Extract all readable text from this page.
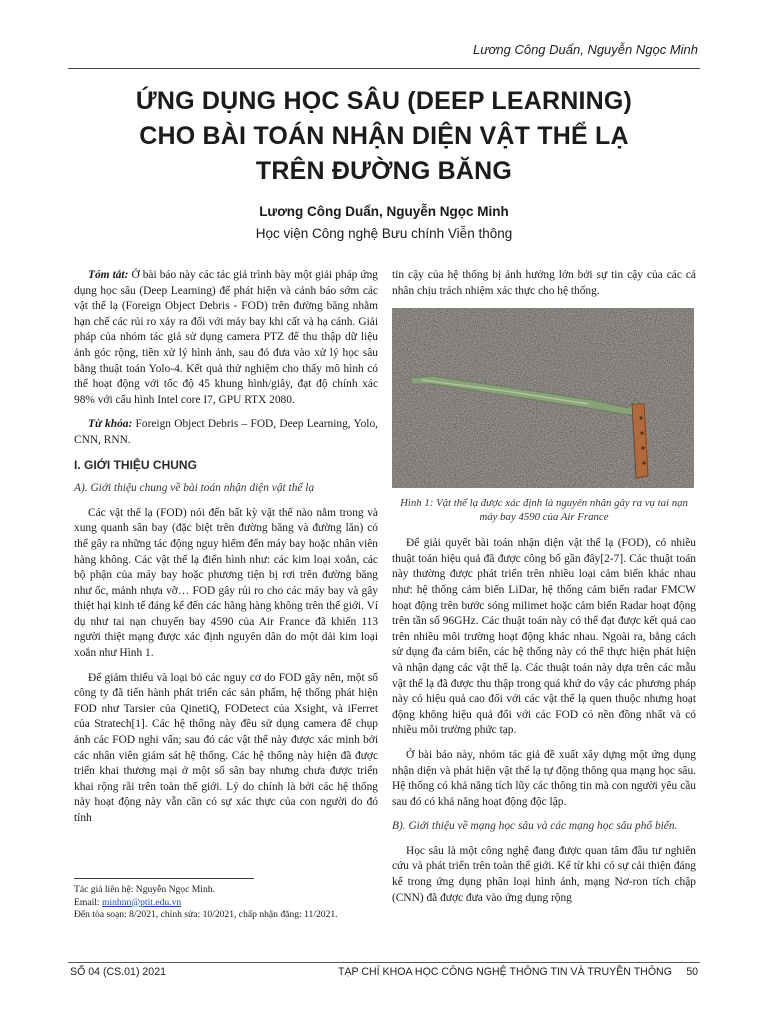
Lương Công Duẩn, Nguyễn Ngọc Minh
ỨNG DỤNG HỌC SÂU (DEEP LEARNING)
CHO BÀI TOÁN NHẬN DIỆN VẬT THỂ LẠ
TRÊN ĐƯỜNG BĂNG
Lương Công Duẩn, Nguyễn Ngọc Minh
Học viện Công nghệ Bưu chính Viễn thông

Tóm tắt: Ở bài báo này các tác giả trình bày một giải pháp ứng dụng học sâu (Deep Learning) để phát hiện và cảnh báo sớm các vật thể lạ (Foreign Object Debris - FOD) trên đường băng nhằm hạn chế các rủi ro xảy ra đối với máy bay khi cất và hạ cánh. Giải pháp của nhóm tác giả sử dụng camera PTZ để thu thập dữ liệu ảnh góc rộng, tiền xử lý hình ảnh, sau đó đưa vào xử lý học sâu bằng thuật toán Yolo-4. Kết quả thử nghiệm cho thấy mô hình có thể hoạt động với tốc độ 45 khung hình/giây, đạt độ chính xác 98% với cấu hình Intel core I7, GPU RTX 2080.

Từ khóa: Foreign Object Debris – FOD, Deep Learning, Yolo, CNN, RNN.

I. GIỚI THIỆU CHUNG
A). Giới thiệu chung về bài toán nhận diện vật thể lạ

Các vật thể lạ (FOD) nói đến bất kỳ vật thể nào nằm trong và xung quanh sân bay (đặc biệt trên đường băng và đường lăn) có thể gây ra những tác động nguy hiểm đến máy bay hoặc nhân viên hàng không. Các vật thể lạ điển hình như: các kim loại xoắn, các bộ phận của máy bay hoặc phương tiện bị rơi trên đường băng như ốc, mảnh nhựa vỡ… FOD gây rủi ro cho các máy bay và gây thiệt hại kinh tế đáng kể đến các hãng hàng không trên thế giới. Ví dụ như tai nạn chuyến bay 4590 của Air France đã khiến 113 người thiệt mạng được xác định nguyên dân do một dải kim loại xoắn như Hình 1.

Để giảm thiểu và loại bỏ các nguy cơ do FOD gây nên, một số công ty đã tiến hành phát triển các sản phẩm, hệ thống phát hiện FOD như Tarsier của QinetiQ, FODetect của Xsight, và iFerret của Stratech[1]. Các hệ thống này đều sử dụng camera để chụp ảnh các FOD nghi vấn; sau đó các vật thể này được xác minh bởi các nhân viên giám sát hệ thống. Các hệ thống này hiện đã được triển khai thương mại ở một số sân bay nhưng chưa được triển khai rộng rãi trên toàn thế giới. Lý do chính là bởi các hệ thống này hoạt động này vẫn cần có sự xác thực của con người do đó tính

tin cậy của hệ thống bị ảnh hưởng lớn bởi sự tin cậy của các cá nhân chịu trách nhiệm xác thực cho hệ thống.

Hình 1: Vật thể lạ được xác định là nguyên nhân gây ra vụ tai nạn máy bay 4590 của Air France

Để giải quyết bài toán nhận diện vật thể lạ (FOD), có nhiều thuật toán hiệu quả đã được công bố gần đây[2-7]. Các thuật toán này thường được phát triển trên nhiều loại cảm biến khác nhau như: hệ thống cảm biến LiDar, hệ thống cảm biến radar FMCW hoạt động trên bước sóng milimet hoặc cảm biến Radar hoạt động trên tần số 96GHz. Các thuật toán này có thể đạt được kết quả cao trên nhiều môi trường hoạt động khác nhau. Ngoài ra, bằng cách sử dụng đa cảm biến, các hệ thống này có thể thực hiện phát hiện và nhận dạng các vật thể lạ. Các thuật toán này dựa trên các mẫu vật thể lạ đã được thu thập trong quá khứ do vậy các phương pháp này có hiệu quả cao đối với các vật thể lạ quen thuộc nhưng hoạt động không hiệu quả đối với các FOD có nền đồng nhất và có nhiều môi trường phức tạp.

Ở bài báo này, nhóm tác giả đề xuất xây dựng một ứng dụng nhận diện và phát hiện vật thể lạ tự động thông qua mạng học sâu. Hệ thống có khả năng tích lũy các thông tin mà con người yêu cầu sau đó có khả năng hoạt động độc lập.

B). Giới thiệu về mạng học sâu và các mạng học sâu phổ biến.

Học sâu là một công nghệ đang được quan tâm đầu tư nghiên cứu và phát triển trên toàn thế giới. Kể từ khi có sự cải thiện đáng kể trong ứng dụng phân loại hình ảnh, mạng Nơ-ron tích chập (CNN) đã được đưa vào ứng dụng rộng

Tác giả liên hệ: Nguyễn Ngọc Minh.
Email: minhnn@ptit.edu.vn
Đến tòa soạn: 8/2021, chỉnh sửa: 10/2021, chấp nhận đăng: 11/2021.
SỐ 04 (CS.01) 2021	TẠP CHÍ KHOA HỌC CÔNG NGHỆ THÔNG TIN VÀ TRUYỀN THÔNG 50
